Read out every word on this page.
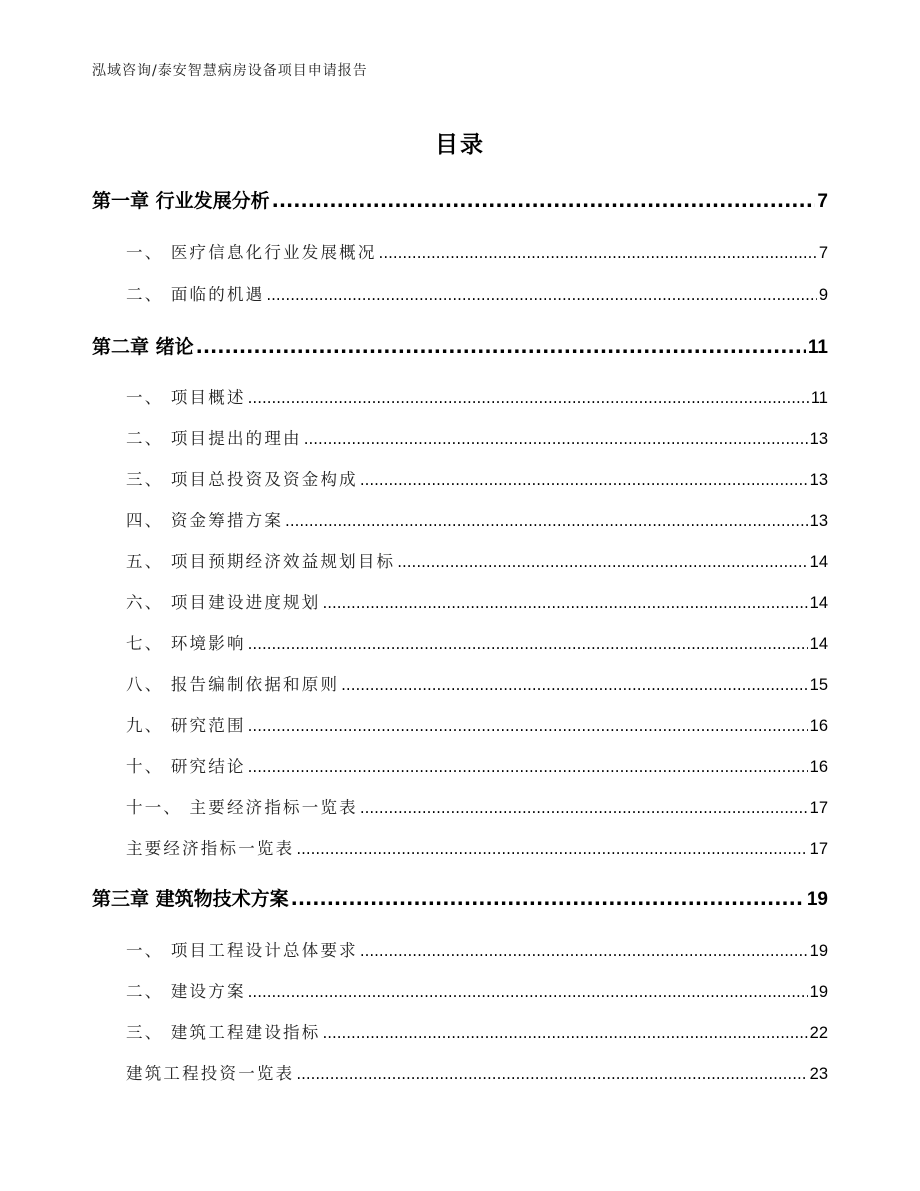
泓域咨询/泰安智慧病房设备项目申请报告
目录
第一章 行业发展分析 .....	7
一、 医疗信息化行业发展概况 .....	7
二、 面临的机遇 .....	9
第二章 绪论 .....	11
一、 项目概述 .....	11
二、 项目提出的理由 .....	13
三、 项目总投资及资金构成 .....	13
四、 资金筹措方案 .....	13
五、 项目预期经济效益规划目标 .....	14
六、 项目建设进度规划 .....	14
七、 环境影响 .....	14
八、 报告编制依据和原则 .....	15
九、 研究范围 .....	16
十、 研究结论 .....	16
十一、 主要经济指标一览表 .....	17
主要经济指标一览表 .....	17
第三章 建筑物技术方案 .....	19
一、 项目工程设计总体要求 .....	19
二、 建设方案 .....	19
三、 建筑工程建设指标 .....	22
建筑工程投资一览表 .....	23
